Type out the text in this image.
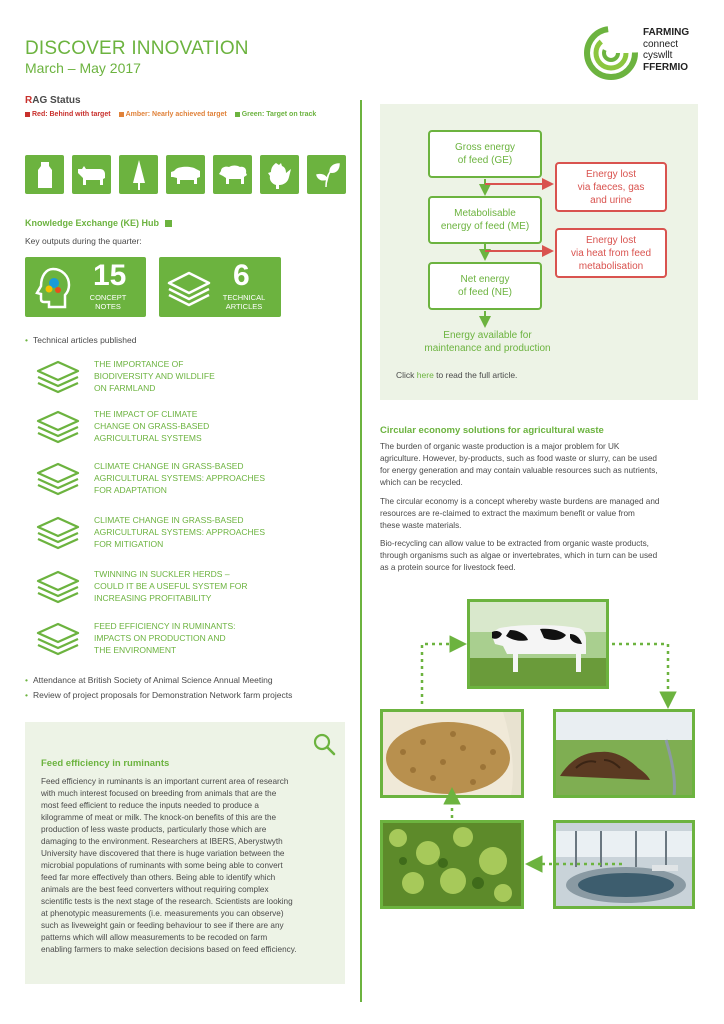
DISCOVER INNOVATION
March – May 2017
FARMING
connect
cyswllt
FFERMIO
RAG Status
Red: Behind with target	Amber: Nearly achieved target	Green: Target on track
Knowledge Exchange (KE) Hub
Key outputs during the quarter:
15
CONCEPT
NOTES
6
TECHNICAL
ARTICLES
• Technical articles published
THE IMPORTANCE OF
BIODIVERSITY AND WILDLIFE
ON FARMLAND
THE IMPACT OF CLIMATE
CHANGE ON GRASS-BASED
AGRICULTURAL SYSTEMS
CLIMATE CHANGE IN GRASS-BASED
AGRICULTURAL SYSTEMS: APPROACHES
FOR ADAPTATION
CLIMATE CHANGE IN GRASS-BASED
AGRICULTURAL SYSTEMS: APPROACHES
FOR MITIGATION
TWINNING IN SUCKLER HERDS –
COULD IT BE A USEFUL SYSTEM FOR
INCREASING PROFITABILITY
FEED EFFICIENCY IN RUMINANTS:
IMPACTS ON PRODUCTION AND
THE ENVIRONMENT
• Attendance at British Society of Animal Science Annual Meeting
• Review of project proposals for Demonstration Network farm projects
Feed efficiency in ruminants
Feed efficiency in ruminants is an important current area of research
with much interest focused on breeding from animals that are the
most feed efficient to reduce the inputs needed to produce a
kilogramme of meat or milk. The knock-on benefits of this are the
production of less waste products, particularly those which are
damaging to the environment. Researchers at IBERS, Aberystwyth
University have discovered that there is huge variation between the
microbial populations of ruminants with some being able to convert
feed far more effectively than others. Being able to identify which
animals are the best feed converters without requiring complex
scientific tests is the next stage of the research. Scientists are looking
at phenotypic measurements (i.e. measurements you can observe)
such as liveweight gain or feeding behaviour to see if there are any
patterns which will allow measurements to be recoded on farm
enabling farmers to make selection decisions based on feed efficiency.
Gross energy
of feed (GE)
Energy lost
via faeces, gas
and urine
Metabolisable
energy of feed (ME)
Energy lost
via heat from feed
metabolisation
Net energy
of feed (NE)
Energy available for
maintenance and production
Click here to read the full article.
Circular economy solutions for agricultural waste
The burden of organic waste production is a major problem for UK
agriculture. However, by-products, such as food waste or slurry, can be used
for energy generation and may contain valuable resources such as nutrients,
which can be recycled.
The circular economy is a concept whereby waste burdens are managed and
resources are re-claimed to extract the maximum benefit or value from
these waste materials.
Bio-recycling can allow value to be extracted from organic waste products,
through organisms such as algae or invertebrates, which in turn can be used
as a protein source for livestock feed.
